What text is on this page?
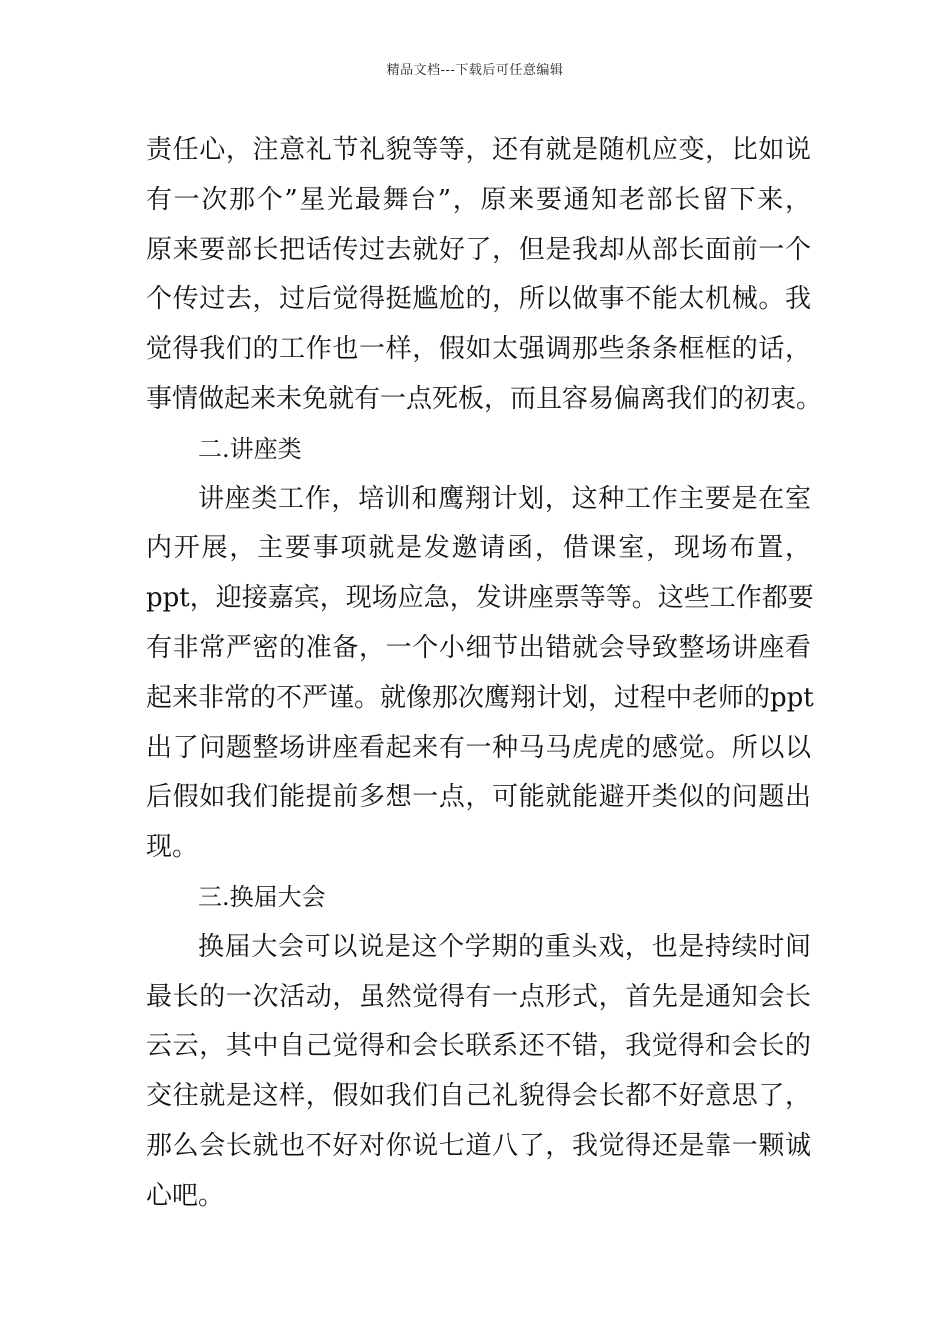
精品文档---下载后可任意编辑
责任心，注意礼节礼貌等等，还有就是随机应变，比如说
有一次那个”星光最舞台”，原来要通知老部长留下来，
原来要部长把话传过去就好了，但是我却从部长面前一个
个传过去，过后觉得挺尴尬的，所以做事不能太机械。我
觉得我们的工作也一样，假如太强调那些条条框框的话，
事情做起来未免就有一点死板，而且容易偏离我们的初衷。
二.讲座类
讲座类工作，培训和鹰翔计划，这种工作主要是在室
内开展，主要事项就是发邀请函，借课室，现场布置，
ppt，迎接嘉宾，现场应急，发讲座票等等。这些工作都要
有非常严密的准备，一个小细节出错就会导致整场讲座看
起来非常的不严谨。就像那次鹰翔计划，过程中老师的ppt
出了问题整场讲座看起来有一种马马虎虎的感觉。所以以
后假如我们能提前多想一点，可能就能避开类似的问题出
现。
三.换届大会
换届大会可以说是这个学期的重头戏，也是持续时间
最长的一次活动，虽然觉得有一点形式，首先是通知会长
云云，其中自己觉得和会长联系还不错，我觉得和会长的
交往就是这样，假如我们自己礼貌得会长都不好意思了，
那么会长就也不好对你说七道八了，我觉得还是靠一颗诚
心吧。
